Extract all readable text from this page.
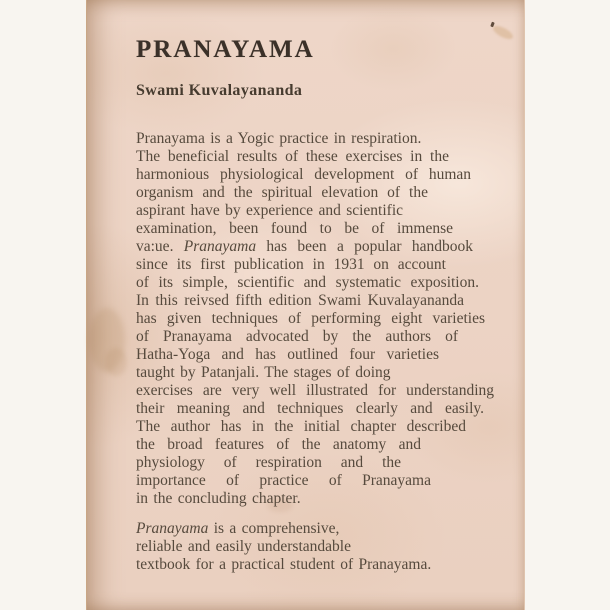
PRANAYAMA
Swami Kuvalayananda
Pranayama is a Yogic practice in respiration.
The beneficial results of these exercises in the
harmonious physiological development of human
organism and the spiritual elevation of the
aspirant have by experience and scientific
examination, been found to be of immense
va:ue. Pranayama has been a popular handbook
since its first publication in 1931 on account
of its simple, scientific and systematic exposition.
In this reivsed fifth edition Swami Kuvalayananda
has given techniques of performing eight varieties
of Pranayama advocated by the authors of
Hatha-Yoga and has outlined four varieties
taught by Patanjali. The stages of doing
exercises are very well illustrated for understanding
their meaning and techniques clearly and easily.
The author has in the initial chapter described
the broad features of the anatomy and
physiology of respiration and the
importance of practice of Pranayama
in the concluding chapter.
Pranayama is a comprehensive,
reliable and easily understandable
textbook for a practical student of Pranayama.
